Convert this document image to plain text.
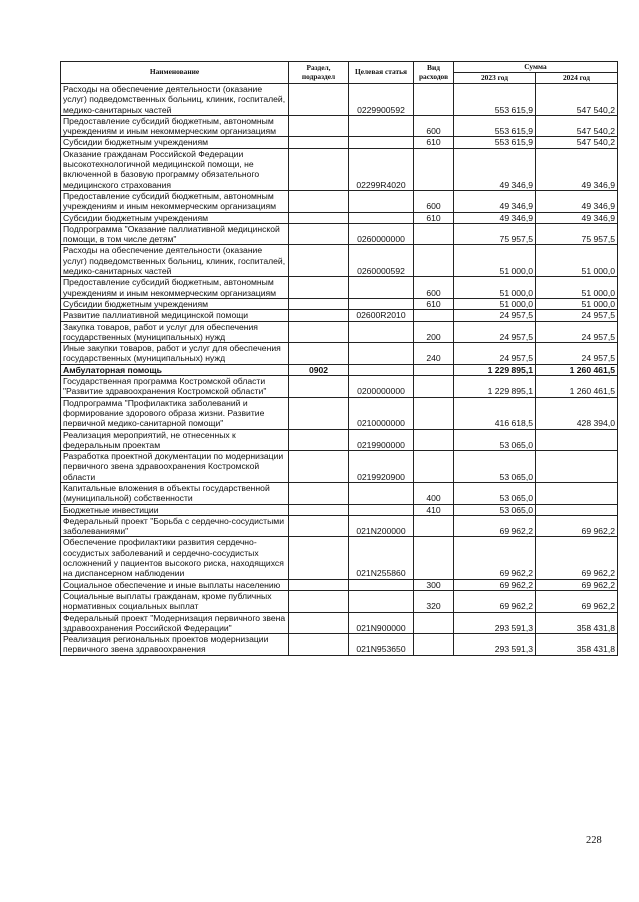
Наименование	Раздел, подраздел	Целевая статья	Вид расходов	Сумма	
				2023 год	2024 год
Расходы на обеспечение деятельности (оказание услуг) подведомственных больниц, клиник, госпиталей, медико-санитарных частей		0229900592		553 615,9	547 540,2
Предоставление субсидий бюджетным, автономным учреждениям и иным некоммерческим организациям			600	553 615,9	547 540,2
Субсидии бюджетным учреждениям			610	553 615,9	547 540,2
Оказание гражданам Российской Федерации высокотехнологичной медицинской помощи, не включенной в базовую программу обязательного медицинского страхования		02299R4020		49 346,9	49 346,9
Предоставление субсидий бюджетным, автономным учреждениям и иным некоммерческим организациям			600	49 346,9	49 346,9
Субсидии бюджетным учреждениям			610	49 346,9	49 346,9
Подпрограмма "Оказание паллиативной медицинской помощи, в том числе детям"		0260000000		75 957,5	75 957,5
Расходы на обеспечение деятельности (оказание услуг) подведомственных больниц, клиник, госпиталей, медико-санитарных частей		0260000592		51 000,0	51 000,0
Предоставление субсидий бюджетным, автономным учреждениям и иным некоммерческим организациям			600	51 000,0	51 000,0
Субсидии бюджетным учреждениям			610	51 000,0	51 000,0
Развитие паллиативной медицинской помощи		02600R2010		24 957,5	24 957,5
Закупка товаров, работ и услуг для обеспечения государственных (муниципальных) нужд			200	24 957,5	24 957,5
Иные закупки товаров, работ и услуг для обеспечения государственных (муниципальных) нужд			240	24 957,5	24 957,5
Амбулаторная помощь	0902			1 229 895,1	1 260 461,5
Государственная программа Костромской области "Развитие здравоохранения Костромской области"		0200000000		1 229 895,1	1 260 461,5
Подпрограмма "Профилактика заболеваний и формирование здорового образа жизни. Развитие первичной медико-санитарной помощи"		0210000000		416 618,5	428 394,0
Реализация мероприятий, не отнесенных к федеральным проектам		0219900000		53 065,0	
Разработка проектной документации по модернизации первичного звена здравоохранения Костромской области		0219920900		53 065,0	
Капитальные вложения в объекты государственной (муниципальной) собственности			400	53 065,0	
Бюджетные инвестиции			410	53 065,0	
Федеральный проект "Борьба с сердечно-сосудистыми заболеваниями"		021N200000		69 962,2	69 962,2
Обеспечение профилактики развития сердечно-сосудистых заболеваний и сердечно-сосудистых осложнений у пациентов высокого риска, находящихся на диспансерном наблюдении		021N255860		69 962,2	69 962,2
Социальное обеспечение и иные выплаты населению			300	69 962,2	69 962,2
Социальные выплаты гражданам, кроме публичных нормативных социальных выплат			320	69 962,2	69 962,2
Федеральный проект "Модернизация первичного звена здравоохранения Российской Федерации"		021N900000		293 591,3	358 431,8
Реализация региональных проектов модернизации первичного звена здравоохранения		021N953650		293 591,3	358 431,8
228
